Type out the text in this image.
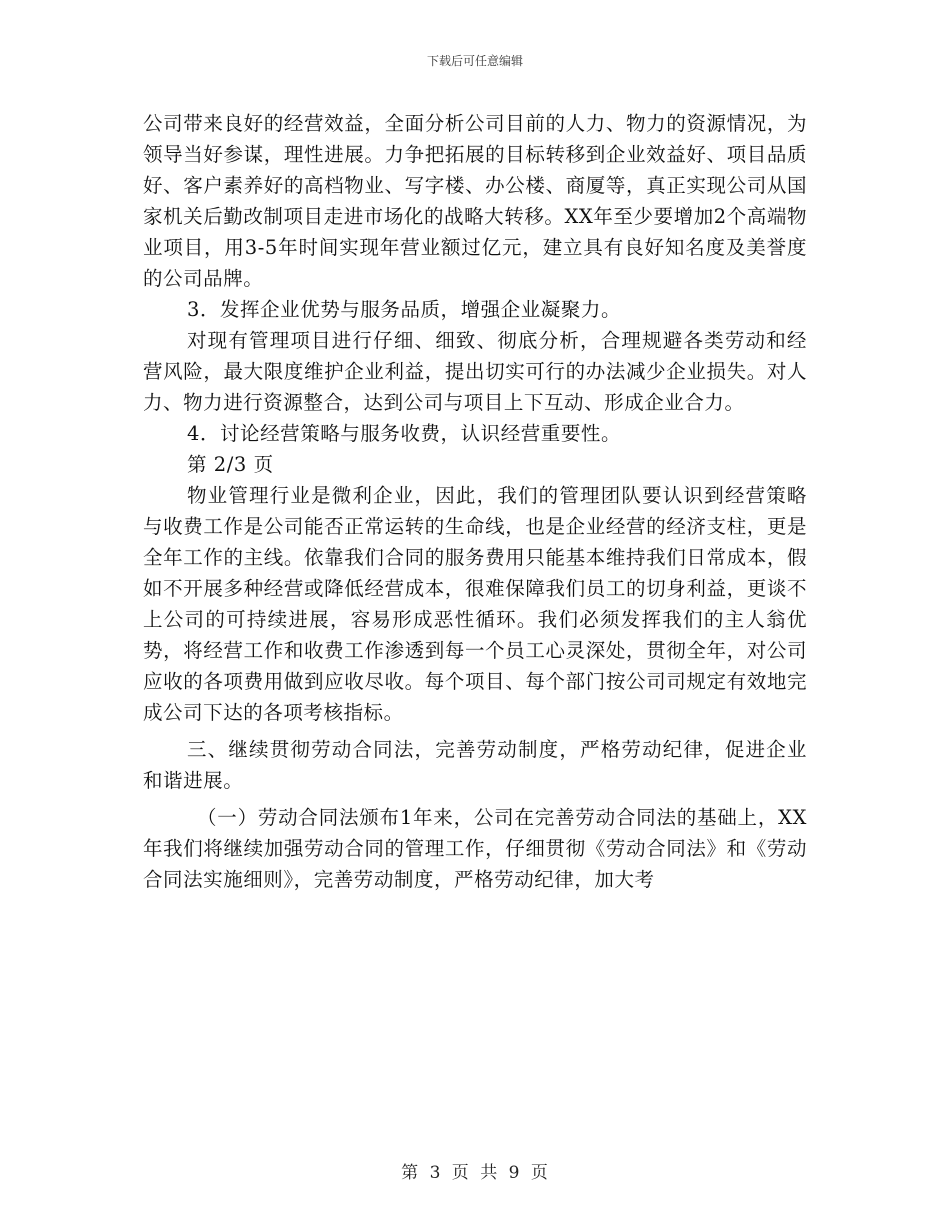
下载后可任意编辑

公司带来良好的经营效益，全面分析公司目前的人力、物力的资源情况，为领导当好参谋，理性进展。力争把拓展的目标转移到企业效益好、项目品质好、客户素养好的高档物业、写字楼、办公楼、商厦等，真正实现公司从国家机关后勤改制项目走进市场化的战略大转移。XX年至少要增加2个高端物业项目，用3-5年时间实现年营业额过亿元，建立具有良好知名度及美誉度的公司品牌。

3．发挥企业优势与服务品质，增强企业凝聚力。

对现有管理项目进行仔细、细致、彻底分析，合理规避各类劳动和经营风险，最大限度维护企业利益，提出切实可行的办法减少企业损失。对人力、物力进行资源整合，达到公司与项目上下互动、形成企业合力。

4．讨论经营策略与服务收费，认识经营重要性。

第 2/3 页

物业管理行业是微利企业，因此，我们的管理团队要认识到经营策略与收费工作是公司能否正常运转的生命线，也是企业经营的经济支柱，更是全年工作的主线。依靠我们合同的服务费用只能基本维持我们日常成本，假如不开展多种经营或降低经营成本，很难保障我们员工的切身利益，更谈不上公司的可持续进展，容易形成恶性循环。我们必须发挥我们的主人翁优势，将经营工作和收费工作渗透到每一个员工心灵深处，贯彻全年，对公司应收的各项费用做到应收尽收。每个项目、每个部门按公司司规定有效地完成公司下达的各项考核指标。

三、继续贯彻劳动合同法，完善劳动制度，严格劳动纪律，促进企业和谐进展。

（一）劳动合同法颁布1年来，公司在完善劳动合同法的基础上，XX年我们将继续加强劳动合同的管理工作，仔细贯彻《劳动合同法》和《劳动合同法实施细则》，完善劳动制度，严格劳动纪律，加大考

第 3 页 共 9 页
